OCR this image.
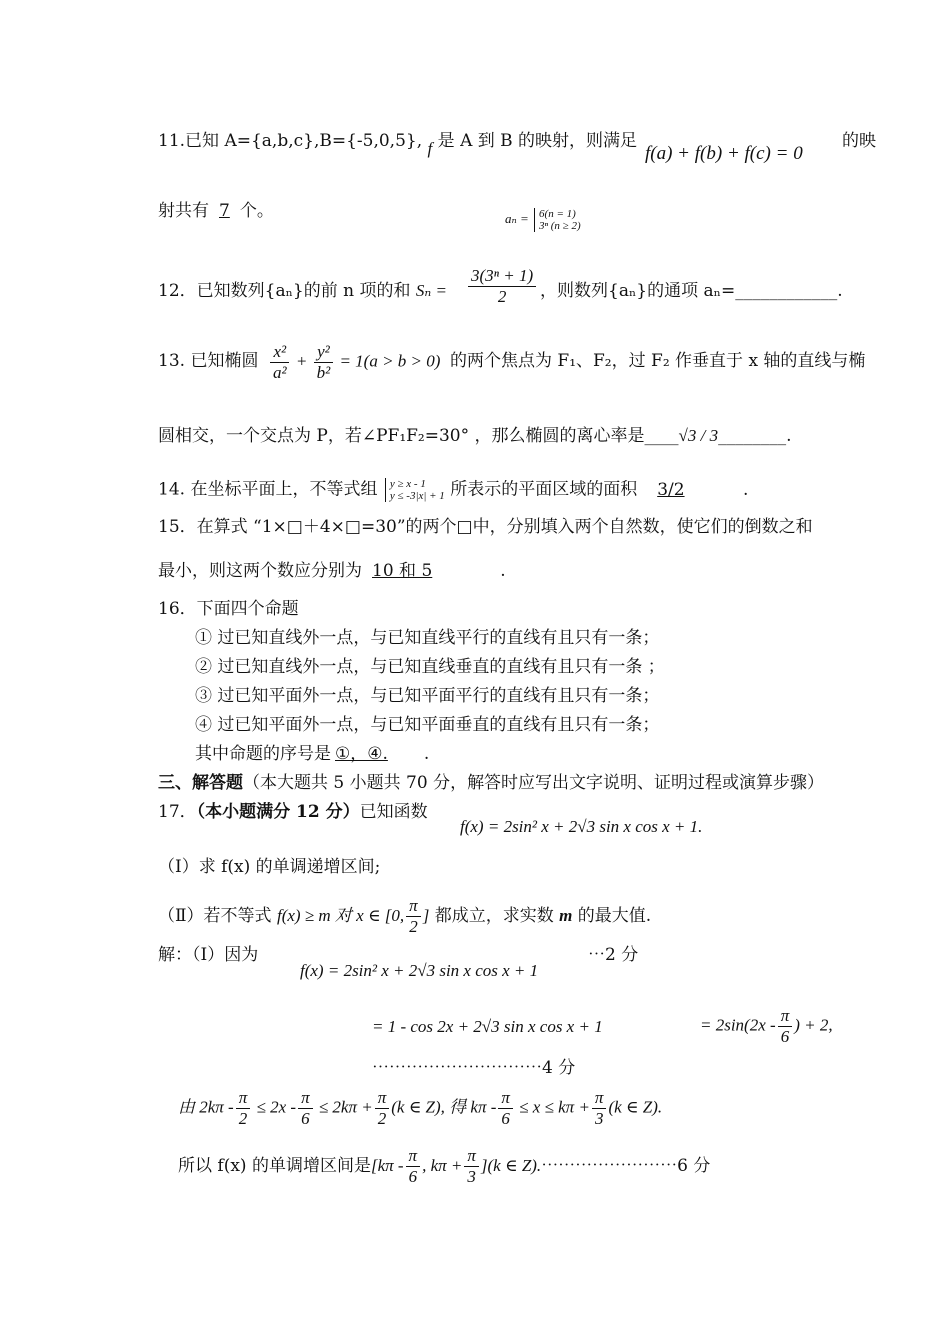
11.已知 A={a,b,c},B={-5,0,5}, f 是 A 到 B 的映射，则满足
f(a) + f(b) + f(c) = 0
的映
射共有 7 个。	aₙ = 6(n = 1)
3ⁿ (n ≥ 2)
12．已知数列{aₙ}的前 n 项的和 $S_n = \frac{\text{3(3ⁿ + 1)}}{2}$ ，则数列{aₙ}的通项 aₙ=____________.
13. 已知椭圆 $\frac{\text{x²}}{\text{a²}} + \frac{\text{y²}}{\text{b²}} = 1(a > b > 0)$ 的两个焦点为 F₁、F₂，过 F₂ 作垂直于 x 轴的直线与椭
圆相交，一个交点为 P，若∠PF₁F₂=30° ，那么椭圆的离心率是____√3 / 3________.
14. 在坐标平面上，不等式组 y ≥ x - 1
y ≤ -3|x| + 1 所表示的平面区域的面积 3/2	.
15．在算式 “1×□＋4×□=30”的两个□中，分别填入两个自然数，使它们的倒数之和
最小，则这两个数应分别为 10 和 5	.
16．下面四个命题
① 过已知直线外一点，与已知直线平行的直线有且只有一条；
② 过已知直线外一点，与已知直线垂直的直线有且只有一条 ；
③ 过已知平面外一点，与已知平面平行的直线有且只有一条；
④ 过已知平面外一点，与已知平面垂直的直线有且只有一条；
其中命题的序号是 ①，④. .
三、解答题（本大题共 5 小题共 70 分，解答时应写出文字说明、证明过程或演算步骤）
17．（本小题满分 12 分）已知函数
f(x) = 2sin² x + 2√3 sin x cos x + 1.
（Ⅰ）求 f(x) 的单调递增区间;
（Ⅱ）若不等式 f(x) ≥ m 对 x ∈ [0, $\frac{\pi}{2}$ ] 都成立，求实数 m 的最大值.
解：（Ⅰ）因为
f(x) = 2sin² x + 2√3 sin x cos x + 1
⋯2 分
= 1 - cos 2x + 2√3 sin x cos x + 1	= $2\sin(2x - \frac{\pi}{6}$ ) + 2,
⋯⋯⋯⋯⋯⋯⋯⋯⋯⋯4 分
由 $2k\pi - \frac{\pi}{2} \le 2x - \frac{\pi}{6} \le 2k\pi + \frac{\pi}{2} (k$ ∈ Z), 得 $k\pi - \frac{\pi}{6} \le x \le k\pi + \frac{\pi}{3} (k$ ∈ Z).
所以 f(x) 的单调增区间是[$k\pi - \frac{\pi}{6}$ , $k\pi + \frac{\pi}{3} ](k$ ∈ Z).⋯⋯⋯⋯⋯⋯⋯⋯6 分
